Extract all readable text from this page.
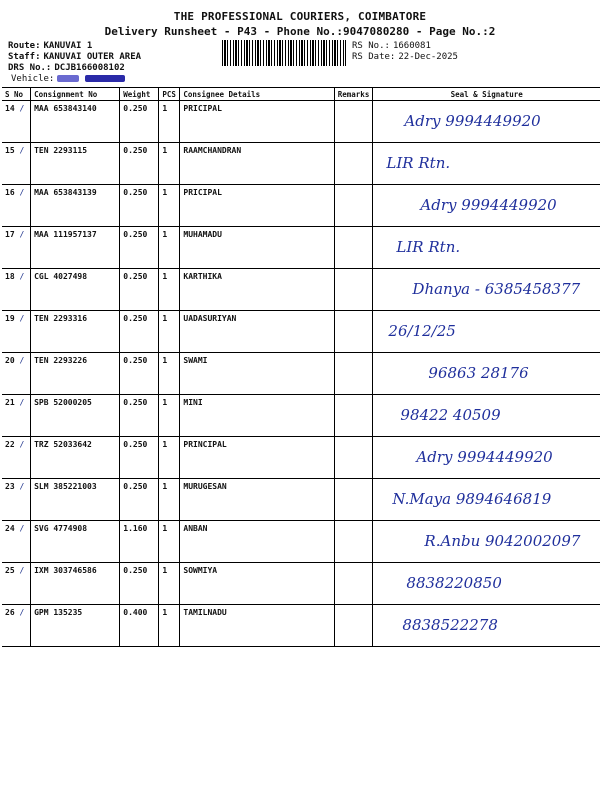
THE PROFESSIONAL COURIERS, COIMBATORE
Delivery Runsheet - P43 - Phone No.:9047080280 - Page No.:2
Route: KANUVAI 1
Staff: KANUVAI OUTER AREA
DRS No.: DCJB166008102
Vehicle:
RS No.: 1660081
RS Date: 22-Dec-2025
S No	Consignment No	Weight	PCS	Consignee Details	Remarks	Seal & Signature
14 /	MAA 653843140	0.250	1	PRICIPAL		Adry 9994449920

15 /	TEN 2293115	0.250	1	RAAMCHANDRAN		LIR Rtn.

16 /	MAA 653843139	0.250	1	PRICIPAL		Adry 9994449920

17 /	MAA 111957137	0.250	1	MUHAMADU		LIR Rtn.

18 /	CGL 4027498	0.250	1	KARTHIKA		Dhanya - 6385458377

19 /	TEN 2293316	0.250	1	UADASURIYAN		26/12/25

20 /	TEN 2293226	0.250	1	SWAMI		96863 28176

21 /	SPB 52000205	0.250	1	MINI		98422 40509

22 /	TRZ 52033642	0.250	1	PRINCIPAL		Adry 9994449920

23 /	SLM 385221003	0.250	1	MURUGESAN		N.Maya 9894646819

24 /	SVG 4774908	1.160	1	ANBAN		R.Anbu 9042002097

25 /	IXM 303746586	0.250	1	SOWMIYA		8838220850

26 /	GPM 135235	0.400	1	TAMILNADU		8838522278
